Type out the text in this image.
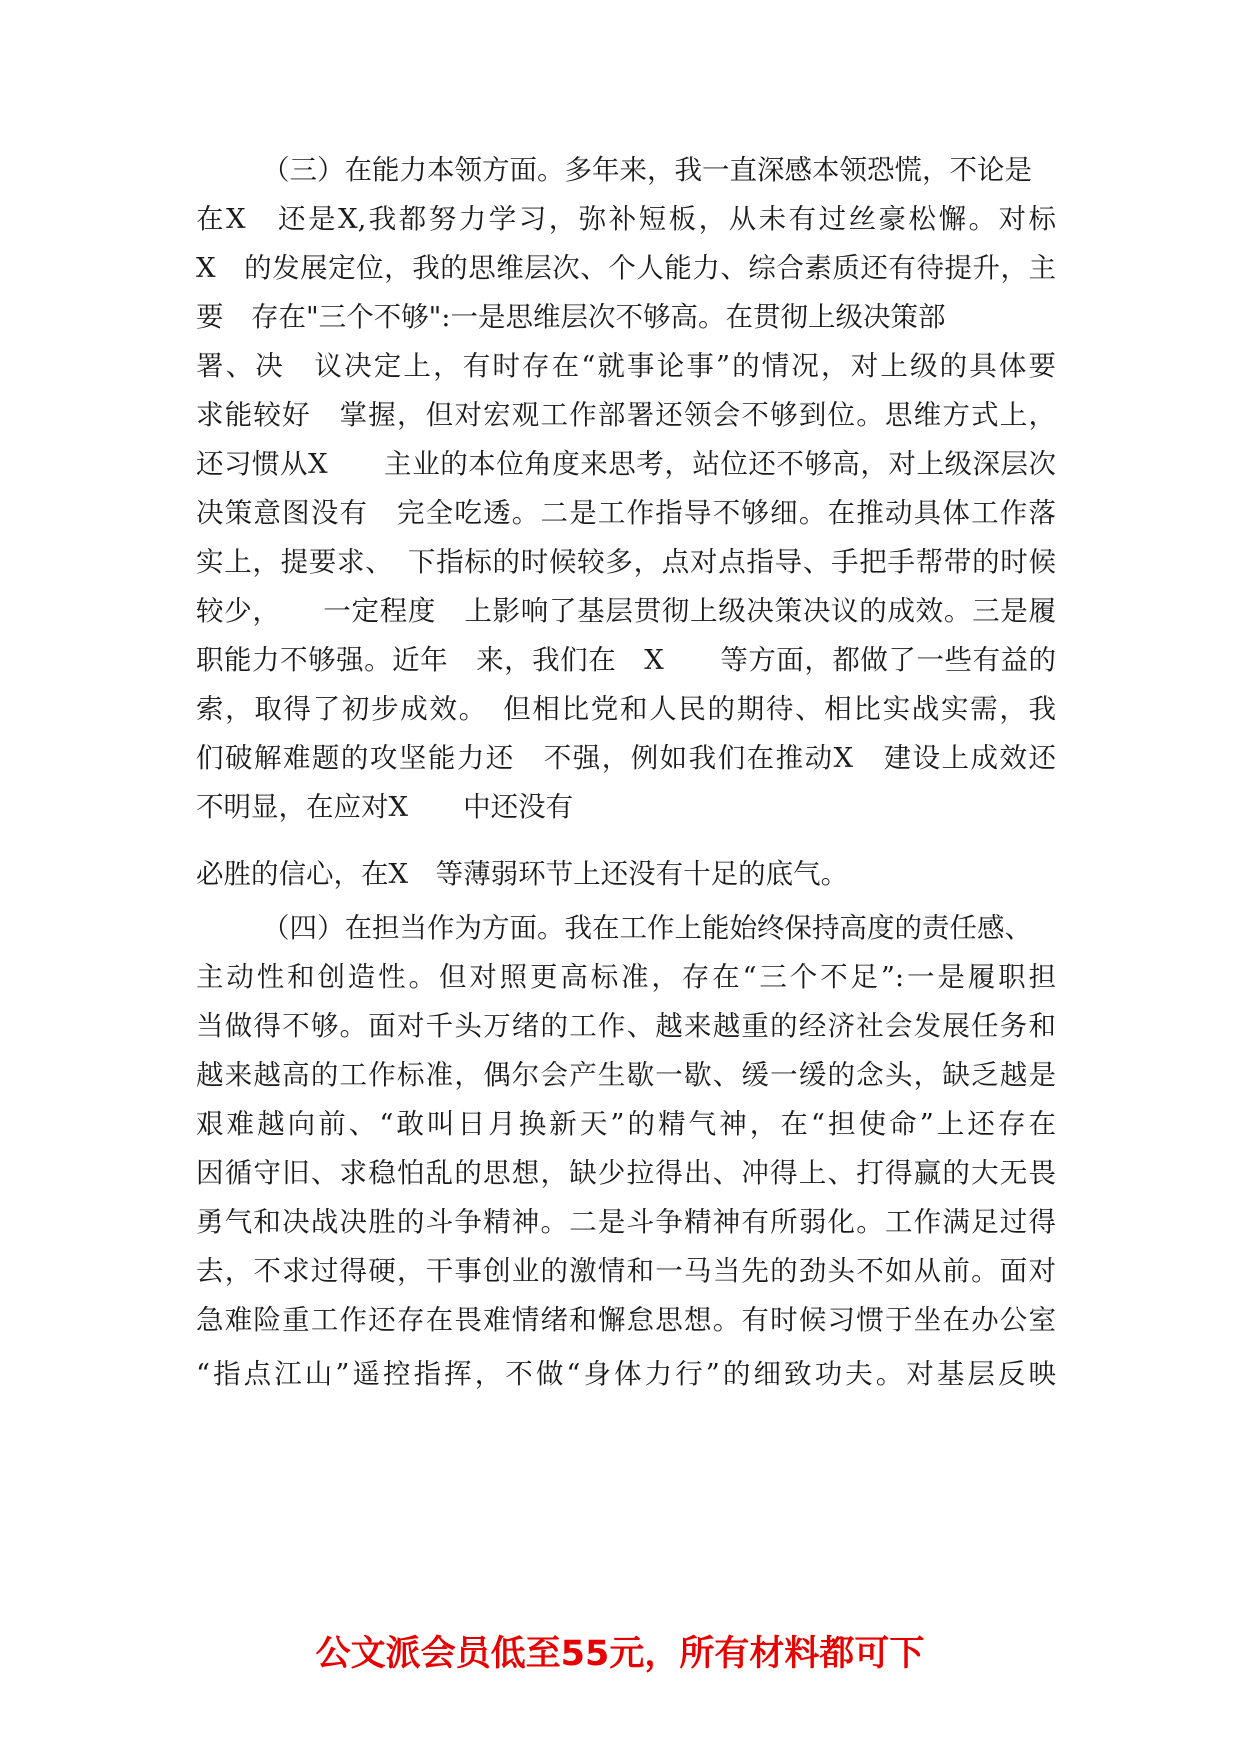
（三）在能力本领方面。多年来，我一直深感本领恐慌，不论是
在X　还是X,我都努力学习，弥补短板，从未有过丝豪松懈。对标
X　的发展定位，我的思维层次、个人能力、综合素质还有待提升，主
要　存在"三个不够":一是思维层次不够高。在贯彻上级决策部
署、决　议决定上，有时存在“就事论事”的情况，对上级的具体要
求能较好　掌握，但对宏观工作部署还领会不够到位。思维方式上，
还习惯从X　　主业的本位角度来思考，站位还不够高，对上级深层次
决策意图没有　完全吃透。二是工作指导不够细。在推动具体工作落
实上，提要求、　下指标的时候较多，点对点指导、手把手帮带的时候
较少，　　一定程度　上影响了基层贯彻上级决策决议的成效。三是履
职能力不够强。近年　来，我们在　X　　等方面，都做了一些有益的
索，取得了初步成效。　但相比党和人民的期待、相比实战实需，我
们破解难题的攻坚能力还　不强，例如我们在推动X　建设上成效还
不明显，在应对X　　中还没有
必胜的信心，在X　等薄弱环节上还没有十足的底气。
（四）在担当作为方面。我在工作上能始终保持高度的责任感、
主动性和创造性。但对照更高标准，存在“三个不足”:一是履职担
当做得不够。面对千头万绪的工作、越来越重的经济社会发展任务和
越来越高的工作标准，偶尔会产生歇一歇、缓一缓的念头，缺乏越是
艰难越向前、“敢叫日月换新天”的精气神，在“担使命”上还存在
因循守旧、求稳怕乱的思想，缺少拉得出、冲得上、打得赢的大无畏
勇气和决战决胜的斗争精神。二是斗争精神有所弱化。工作满足过得
去，不求过得硬，干事创业的激情和一马当先的劲头不如从前。面对
急难险重工作还存在畏难情绪和懈怠思想。有时候习惯于坐在办公室
“指点江山”遥控指挥，不做“身体力行”的细致功夫。对基层反映
公文派会员低至55元，所有材料都可下
